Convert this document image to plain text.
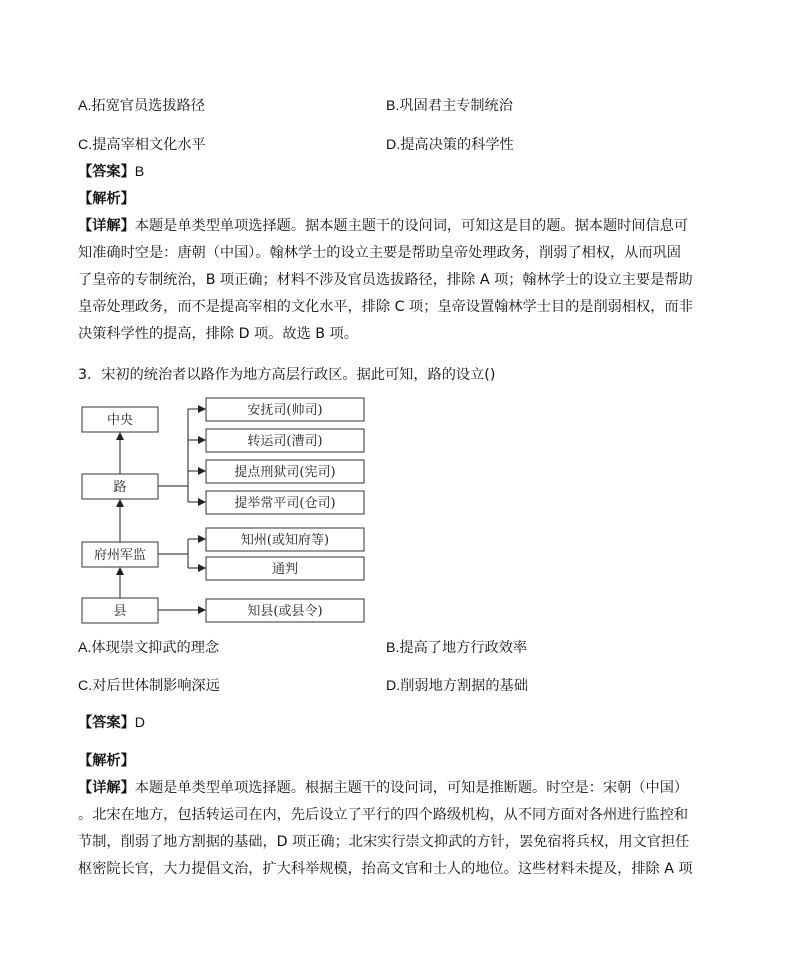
A.拓宽官员选拔路径	B.巩固君主专制统治
C.提高宰相文化水平	D.提高决策的科学性
【答案】B
【解析】
【详解】本题是单类型单项选择题。据本题主题干的设问词，可知这是目的题。据本题时间信息可
知准确时空是：唐朝（中国）。翰林学士的设立主要是帮助皇帝处理政务，削弱了相权，从而巩固
了皇帝的专制统治，B 项正确；材料不涉及官员选拔路径，排除 A 项；翰林学士的设立主要是帮助
皇帝处理政务，而不是提高宰相的文化水平，排除 C 项；皇帝设置翰林学士目的是削弱相权，而非
决策科学性的提高，排除 D 项。故选 B 项。
3．宋初的统治者以路作为地方高层行政区。据此可知，路的设立()
中央
路
府州军监
县
安抚司(帅司)
转运司(漕司)
提点刑狱司(宪司)
提举常平司(仓司)
知州(或知府等)
通判
知县(或县令)
A.体现崇文抑武的理念	B.提高了地方行政效率
C.对后世体制影响深远	D.削弱地方割据的基础
【答案】D
【解析】
【详解】本题是单类型单项选择题。根据主题干的设问词，可知是推断题。时空是：宋朝（中国）
。北宋在地方，包括转运司在内，先后设立了平行的四个路级机构，从不同方面对各州进行监控和
节制，削弱了地方割据的基础，D 项正确；北宋实行崇文抑武的方针，罢免宿将兵权，用文官担任
枢密院长官，大力提倡文治，扩大科举规模，抬高文官和士人的地位。这些材料未提及，排除 A 项
